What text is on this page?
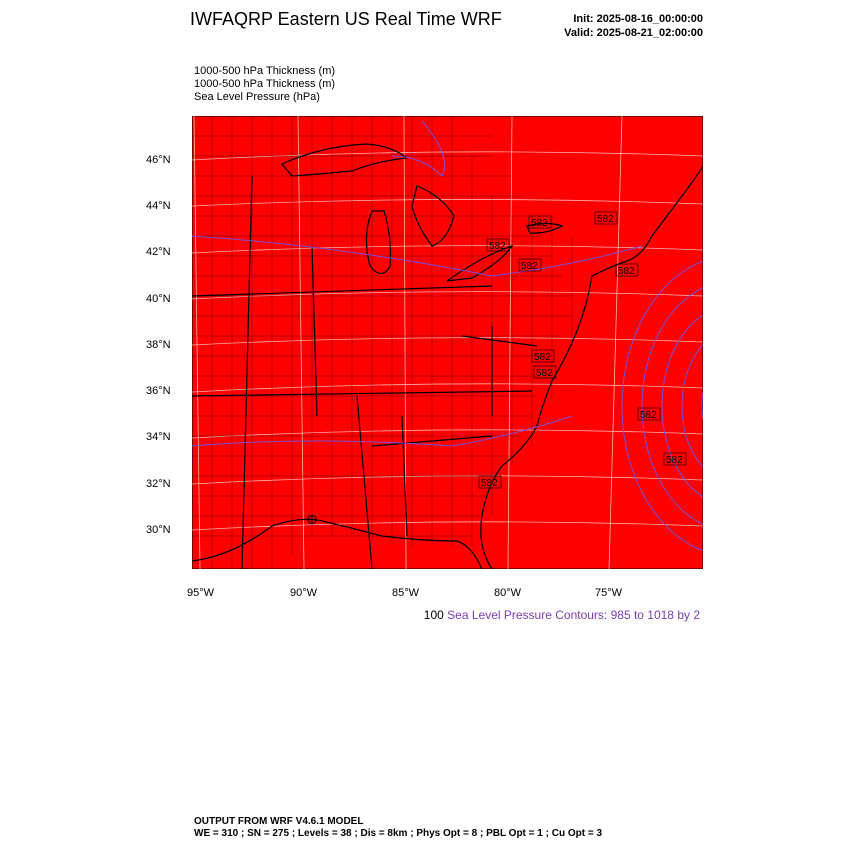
IWFAQRP Eastern US Real Time WRF	Init: 2025-08-16_00:00:00
Valid: 2025-08-21_02:00:00
1000-500 hPa Thickness (m)
1000-500 hPa Thickness (m)
Sea Level Pressure (hPa)
582	582
582
582	582
582
582
582
582
582
⊕
46°N
44°N
42°N
40°N
38°N
36°N
34°N
32°N
30°N
95°W	90°W	85°W	80°W	75°W
100 Sea Level Pressure Contours: 985 to 1018 by 2
OUTPUT FROM WRF V4.6.1 MODEL
WE = 310 ; SN = 275 ; Levels = 38 ; Dis = 8km ; Phys Opt = 8 ; PBL Opt = 1 ; Cu Opt = 3
